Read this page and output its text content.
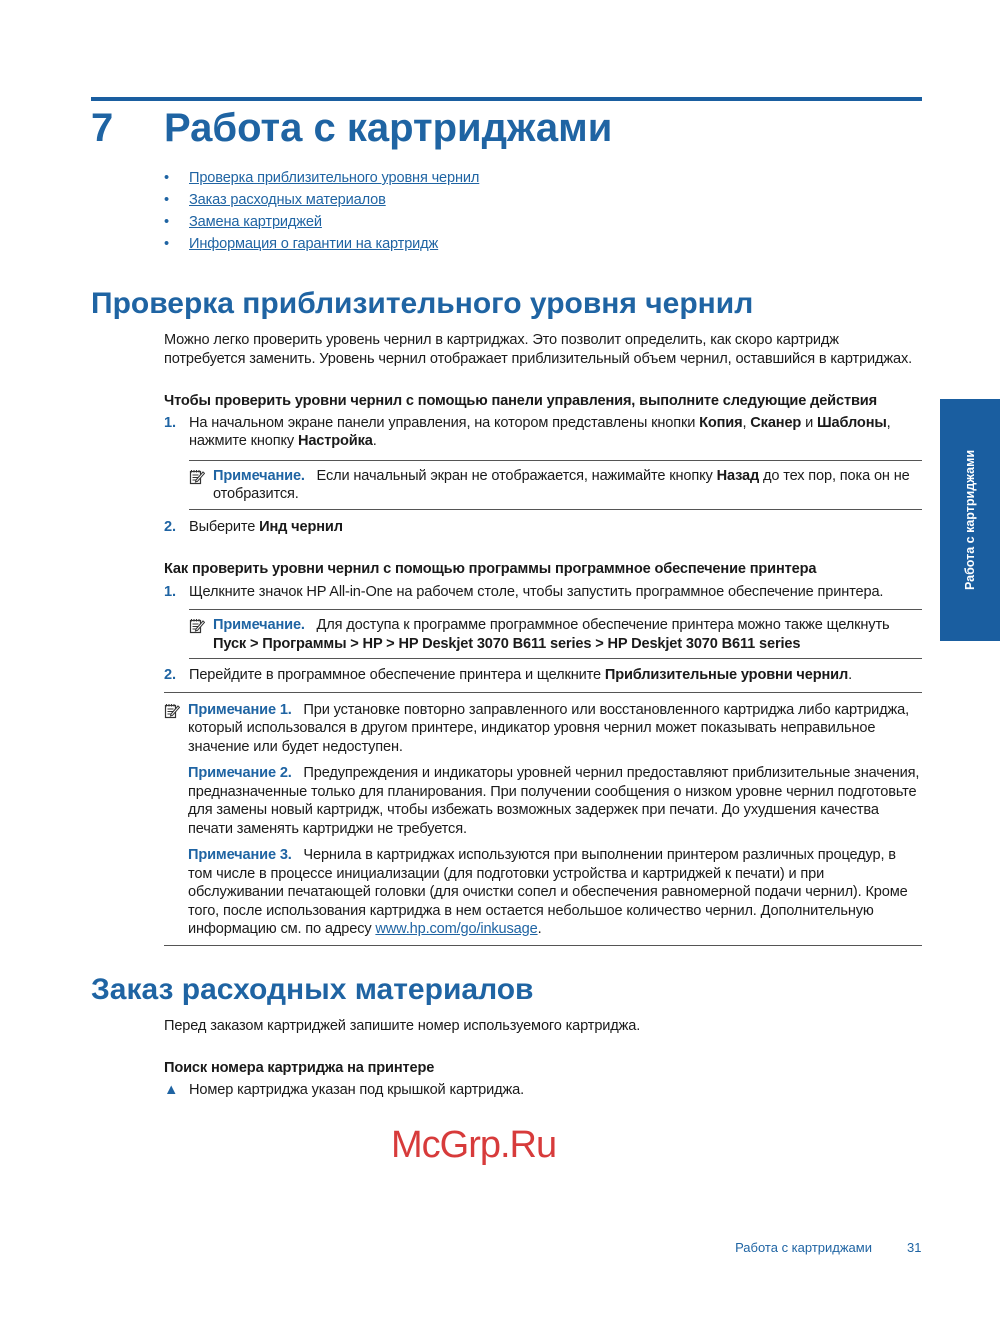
7	Работа с картриджами
• Проверка приблизительного уровня чернил
• Заказ расходных материалов
• Замена картриджей
• Информация о гарантии на картридж
Проверка приблизительного уровня чернил
Можно легко проверить уровень чернил в картриджах. Это позволит определить, как скоро картридж потребуется заменить. Уровень чернил отображает приблизительный объем чернил, оставшийся в картриджах.
Чтобы проверить уровни чернил с помощью панели управления, выполните следующие действия
1. На начальном экране панели управления, на котором представлены кнопки Копия, Сканер и Шаблоны, нажмите кнопку Настройка.
Примечание. Если начальный экран не отображается, нажимайте кнопку Назад до тех пор, пока он не отобразится.
2. Выберите Инд чернил
Как проверить уровни чернил с помощью программы программное обеспечение принтера
1. Щелкните значок HP All-in-One на рабочем столе, чтобы запустить программное обеспечение принтера.
Примечание. Для доступа к программе программное обеспечение принтера можно также щелкнуть Пуск > Программы > HP > HP Deskjet 3070 B611 series > HP Deskjet 3070 B611 series
2. Перейдите в программное обеспечение принтера и щелкните Приблизительные уровни чернил.
Примечание 1. При установке повторно заправленного или восстановленного картриджа либо картриджа, который использовался в другом принтере, индикатор уровня чернил может показывать неправильное значение или будет недоступен.
Примечание 2. Предупреждения и индикаторы уровней чернил предоставляют приблизительные значения, предназначенные только для планирования. При получении сообщения о низком уровне чернил подготовьте для замены новый картридж, чтобы избежать возможных задержек при печати. До ухудшения качества печати заменять картриджи не требуется.
Примечание 3. Чернила в картриджах используются при выполнении принтером различных процедур, в том числе в процессе инициализации (для подготовки устройства и картриджей к печати) и при обслуживании печатающей головки (для очистки сопел и обеспечения равномерной подачи чернил). Кроме того, после использования картриджа в нем остается небольшое количество чернил. Дополнительную информацию см. по адресу www.hp.com/go/inkusage.
Заказ расходных материалов
Перед заказом картриджей запишите номер используемого картриджа.
Поиск номера картриджа на принтере
▲ Номер картриджа указан под крышкой картриджа.
McGrp.Ru
Работа с картриджами
Работа с картриджами	31
